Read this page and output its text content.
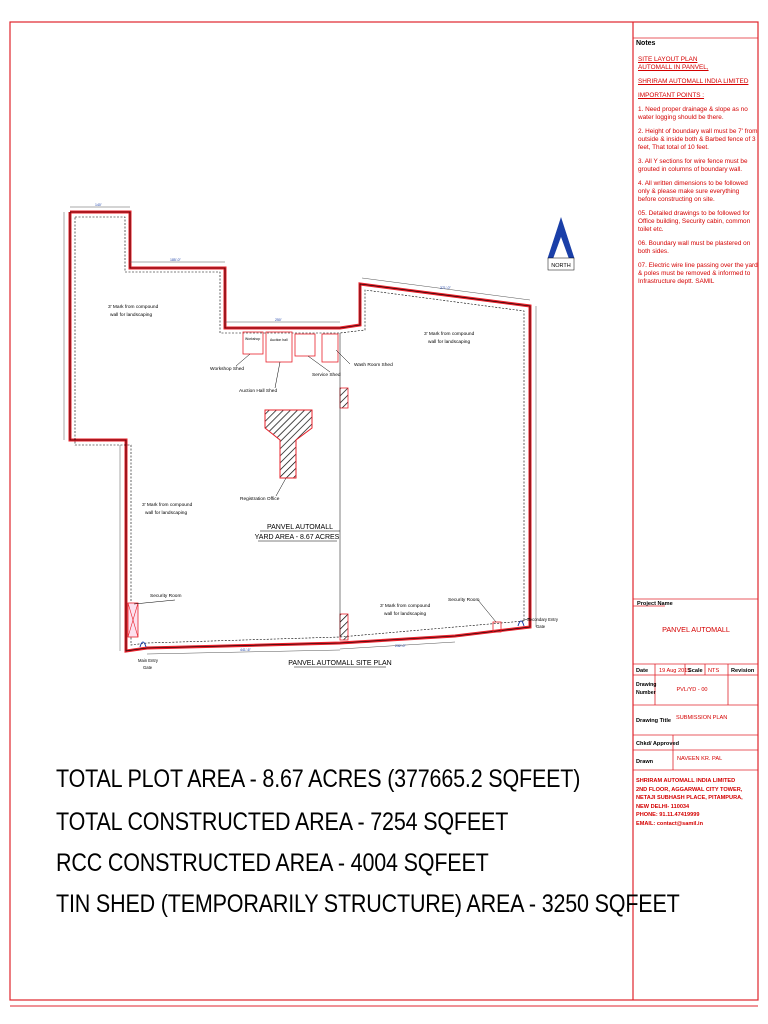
140'
185'-0"
250'
371'-0"
441'-6"
232'-0"
NORTH
Workshop Shed
Workshop	Auction hall
Auction Hall Shed
Service Shed
Wash Room Shed
Registration Office
Security Room
Security Room
Main Entry
Gate
Secondary Entry
Gate
3' Mark from compound
wall for landscaping
3' Mark from compound
wall for landscaping
3' Mark from compound
wall for landscaping
3' Mark from compound
wall for landscaping
PANVEL AUTOMALL
YARD AREA - 8.67 ACRES
PANVEL AUTOMALL SITE PLAN
Project Name
PANVEL AUTOMALL
Date 19 Aug 2015
Scale NTS Revision
Drawing
Number	PVL/YD - 00
Drawing Title SUBMISSION PLAN
Chkd/ Approved
Drawn	NAVEEN KR. PAL
Notes
SITE LAYOUT PLAN
AUTOMALL IN PANVEL,
SHRIRAM AUTOMALL INDIA LIMITED
IMPORTANT POINTS :
1. Need proper drainage & slope as no water logging should be there.
2. Height of boundary wall must be 7' from outside & inside both & Barbed fence of 3 feet, That total of 10 feet.
3. All Y sections for wire fence must be grouted in columns of boundary wall.
4. All written dimensions to be followed only & please make sure everything before constructing on site.
05. Detailed drawings to be followed for Office building, Security cabin, common toilet etc.
06. Boundary wall must be plastered on both sides.
07. Electric wire line passing over the yard & poles must be removed & informed to Infrastructure deptt. SAMIL
SHRIRAM AUTOMALL INDIA LIMITED
2ND FLOOR, AGGARWAL CITY TOWER,
NETAJI SUBHASH PLACE, PITAMPURA,
NEW DELHI- 110034
PHONE: 91.11.47419999
EMAIL: contact@samil.in
TOTAL PLOT AREA - 8.67 ACRES (377665.2 SQFEET)
TOTAL CONSTRUCTED AREA - 7254 SQFEET
RCC CONSTRUCTED AREA - 4004 SQFEET
TIN SHED (TEMPORARILY STRUCTURE) AREA - 3250 SQFEET
